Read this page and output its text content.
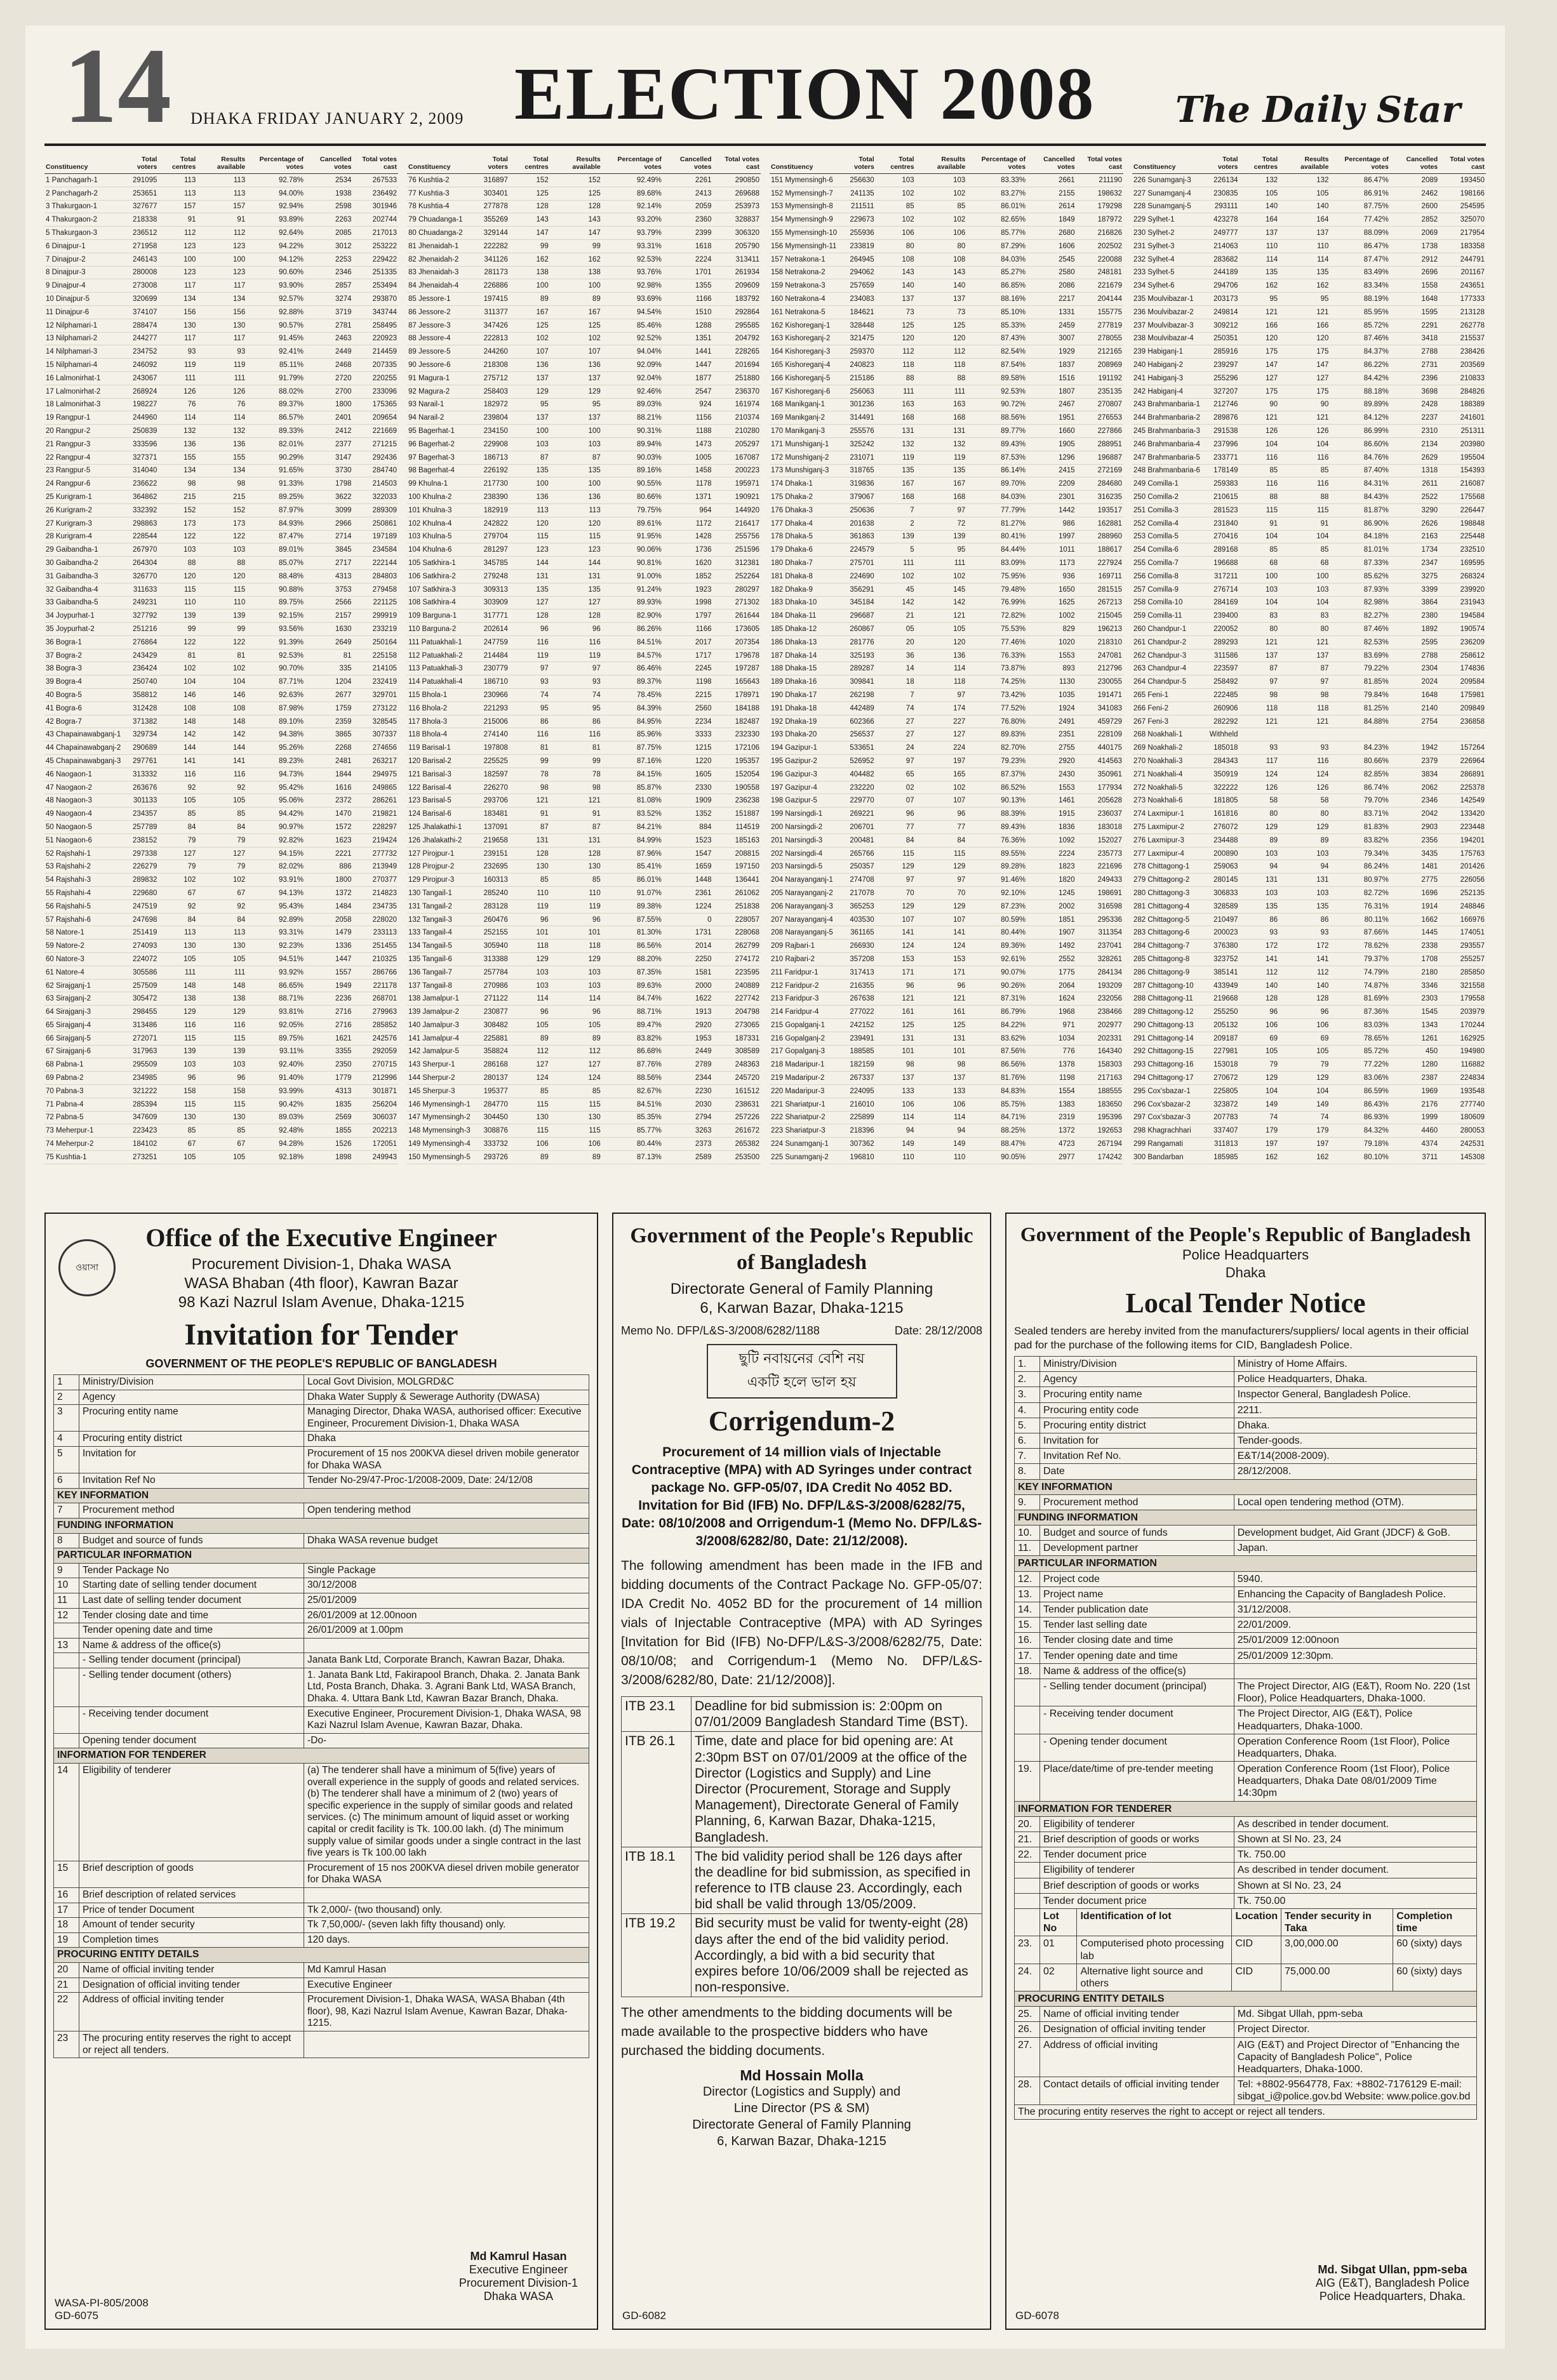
14 DHAKA FRIDAY JANUARY 2, 2009 ELECTION 2008 The Daily Star
Constituency	Total voters	Total centres	Results available	Percentage of votes	Cancelled votes	Total votes cast
1 Panchagarh-1	291095	113	113	92.78%	2534	267533
2 Panchagarh-2	253651	113	113	94.00%	1938	236492
3 Thakurgaon-1	327677	157	157	92.94%	2598	301946
4 Thakurgaon-2	218338	91	91	93.89%	2263	202744
5 Thakurgaon-3	236512	112	112	92.64%	2085	217013
6 Dinajpur-1	271958	123	123	94.22%	3012	253222
7 Dinajpur-2	246143	100	100	94.12%	2253	229422
8 Dinajpur-3	280008	123	123	90.60%	2346	251335
9 Dinajpur-4	273008	117	117	93.90%	2857	253494
10 Dinajpur-5	320699	134	134	92.57%	3274	293870
11 Dinajpur-6	374107	156	156	92.88%	3719	343744
12 Nilphamari-1	288474	130	130	90.57%	2781	258495
13 Nilphamari-2	244277	117	117	91.45%	2463	220923
14 Nilphamari-3	234752	93	93	92.41%	2449	214459
15 Nilphamari-4	246092	119	119	85.11%	2468	207335
16 Lalmonirhat-1	243067	111	111	91.79%	2720	220255
17 Lalmonirhat-2	268924	126	126	88.02%	2700	233096
18 Lalmonirhat-3	198227	76	76	89.37%	1800	175365
19 Rangpur-1	244960	114	114	86.57%	2401	209654
20 Rangpur-2	250839	132	132	89.33%	2412	221669
21 Rangpur-3	333596	136	136	82.01%	2377	271215
22 Rangpur-4	327371	155	155	90.29%	3147	292436
23 Rangpur-5	314040	134	134	91.65%	3730	284740
24 Rangpur-6	236622	98	98	91.33%	1798	214503
25 Kurigram-1	364862	215	215	89.25%	3622	322033
26 Kurigram-2	332392	152	152	87.97%	3099	289309
27 Kurigram-3	298863	173	173	84.93%	2966	250861
28 Kurigram-4	228544	122	122	87.47%	2714	197189
29 Gaibandha-1	267970	103	103	89.01%	3845	234584
30 Gaibandha-2	264304	88	88	85.07%	2717	222144
31 Gaibandha-3	326770	120	120	88.48%	4313	284803
32 Gaibandha-4	311633	115	115	90.88%	3753	279458
33 Gaibandha-5	249231	110	110	89.75%	2566	221125
34 Joypurhat-1	327792	139	139	92.15%	2157	299919
35 Joypurhat-2	251216	99	99	93.56%	1630	233219
36 Bogra-1	276864	122	122	91.39%	2649	250164
37 Bogra-2	243429	81	81	92.53%	81	225158
38 Bogra-3	236424	102	102	90.70%	335	214105
39 Bogra-4	250740	104	104	87.71%	1204	232419
40 Bogra-5	358812	146	146	92.63%	2677	329701
41 Bogra-6	312428	108	108	87.98%	1759	273122
42 Bogra-7	371382	148	148	89.10%	2359	328545
43 Chapainawabganj-1	329734	142	142	94.38%	3865	307337
44 Chapainawabganj-2	290689	144	144	95.26%	2268	274656
45 Chapainawabganj-3	297761	141	141	89.23%	2481	263217
46 Naogaon-1	313332	116	116	94.73%	1844	294975
47 Naogaon-2	263676	92	92	95.42%	1616	249865
48 Naogaon-3	301133	105	105	95.06%	2372	286261
49 Naogaon-4	234357	85	85	94.42%	1470	219821
50 Naogaon-5	257789	84	84	90.97%	1572	228297
51 Naogaon-6	238152	79	79	92.82%	1623	219424
52 Rajshahi-1	297338	127	127	94.15%	2221	277732
53 Rajshahi-2	226279	79	79	82.02%	886	213949
54 Rajshahi-3	289832	102	102	93.91%	1800	270377
55 Rajshahi-4	229680	67	67	94.13%	1372	214823
56 Rajshahi-5	247519	92	92	95.43%	1484	234735
57 Rajshahi-6	247698	84	84	92.89%	2058	228020
58 Natore-1	251419	113	113	93.31%	1479	233113
59 Natore-2	274093	130	130	92.23%	1336	251455
60 Natore-3	224072	105	105	94.51%	1447	210325
61 Natore-4	305586	111	111	93.92%	1557	286766
62 Sirajganj-1	257509	148	148	86.65%	1949	221178
63 Sirajganj-2	305472	138	138	88.71%	2236	268701
64 Sirajganj-3	298455	129	129	93.81%	2716	279963
65 Sirajganj-4	313486	116	116	92.05%	2716	285852
66 Sirajganj-5	272071	115	115	89.75%	1621	242576
67 Sirajganj-6	317963	139	139	93.11%	3355	292059
68 Pabna-1	295509	103	103	92.40%	2350	270715
69 Pabna-2	234985	96	96	91.40%	1779	212996
70 Pabna-3	321222	158	158	93.99%	4313	301871
71 Pabna-4	285394	115	115	90.42%	1835	256204
72 Pabna-5	347609	130	130	89.03%	2569	306037
73 Meherpur-1	223423	85	85	92.48%	1855	202213
74 Meherpur-2	184102	67	67	94.28%	1526	172051
75 Kushtia-1	273251	105	105	92.18%	1898	249943
Constituency	Total voters	Total centres	Results available	Percentage of votes	Cancelled votes	Total votes cast
76 Kushtia-2	316897	152	152	92.49%	2261	290850
77 Kushtia-3	303401	125	125	89.68%	2413	269688
78 Kushtia-4	277878	128	128	92.14%	2059	253973
79 Chuadanga-1	355269	143	143	93.20%	2360	328837
80 Chuadanga-2	329144	147	147	93.79%	2399	306320
81 Jhenaidah-1	222282	99	99	93.31%	1618	205790
82 Jhenaidah-2	341126	162	162	92.53%	2224	313411
83 Jhenaidah-3	281173	138	138	93.76%	1701	261934
84 Jhenaidah-4	226886	100	100	92.98%	1355	209609
85 Jessore-1	197415	89	89	93.69%	1166	183792
86 Jessore-2	311377	167	167	94.54%	1510	292864
87 Jessore-3	347426	125	125	85.46%	1288	295585
88 Jessore-4	222813	102	102	92.52%	1351	204792
89 Jessore-5	244260	107	107	94.04%	1441	228265
90 Jessore-6	218308	136	136	92.09%	1447	201694
91 Magura-1	275712	137	137	92.04%	1877	251880
92 Magura-2	258403	129	129	92.46%	2547	236370
93 Narail-1	182972	95	95	89.03%	924	161974
94 Narail-2	239804	137	137	88.21%	1156	210374
95 Bagerhat-1	234150	100	100	90.31%	1188	210280
96 Bagerhat-2	229908	103	103	89.94%	1473	205297
97 Bagerhat-3	186713	87	87	90.03%	1005	167087
98 Bagerhat-4	226192	135	135	89.16%	1458	200223
99 Khulna-1	217730	100	100	90.55%	1178	195971
100 Khulna-2	238390	136	136	80.66%	1371	190921
101 Khulna-3	182919	113	113	79.75%	964	144920
102 Khulna-4	242822	120	120	89.61%	1172	216417
103 Khulna-5	279704	115	115	91.95%	1428	255756
104 Khulna-6	281297	123	123	90.06%	1736	251596
105 Satkhira-1	345785	144	144	90.81%	1620	312381
106 Satkhira-2	279248	131	131	91.00%	1852	252264
107 Satkhira-3	309313	135	135	91.24%	1923	280297
108 Satkhira-4	303909	127	127	89.93%	1998	271302
109 Barguna-1	317771	128	128	82.90%	1797	261644
110 Barguna-2	202614	96	96	86.26%	1166	173605
111 Patuakhali-1	247759	116	116	84.51%	2017	207354
112 Patuakhali-2	214484	119	119	84.57%	1717	179678
113 Patuakhali-3	230779	97	97	86.46%	2245	197287
114 Patuakhali-4	186710	93	93	89.37%	1198	165643
115 Bhola-1	230966	74	74	78.45%	2215	178971
116 Bhola-2	221293	95	95	84.39%	2560	184188
117 Bhola-3	215006	86	86	84.95%	2234	182487
118 Bhola-4	274140	116	116	85.96%	3333	232330
119 Barisal-1	197808	81	81	87.75%	1215	172106
120 Barisal-2	225525	99	99	87.16%	1220	195357
121 Barisal-3	182597	78	78	84.15%	1605	152054
122 Barisal-4	226270	98	98	85.87%	2330	190558
123 Barisal-5	293706	121	121	81.08%	1909	236238
124 Barisal-6	183481	91	91	83.52%	1352	151887
125 Jhalakathi-1	137091	87	87	84.21%	884	114519
126 Jhalakathi-2	219658	131	131	84.99%	1523	185163
127 Pirojpur-1	239151	128	128	87.96%	1547	208815
128 Pirojpur-2	232695	130	130	85.41%	1659	197150
129 Pirojpur-3	160313	85	85	86.01%	1448	136441
130 Tangail-1	285240	110	110	91.07%	2361	261062
131 Tangail-2	283128	119	119	89.38%	1224	251838
132 Tangail-3	260476	96	96	87.55%	0	228057
133 Tangail-4	252155	101	101	81.30%	1731	228068
134 Tangail-5	305940	118	118	86.56%	2014	262799
135 Tangail-6	313388	129	129	88.20%	2250	274172
136 Tangail-7	257784	103	103	87.35%	1581	223595
137 Tangail-8	270986	103	103	89.63%	2000	240889
138 Jamalpur-1	271122	114	114	84.74%	1622	227742
139 Jamalpur-2	230877	96	96	88.71%	1913	204798
140 Jamalpur-3	308482	105	105	89.47%	2920	273065
141 Jamalpur-4	225881	89	89	83.82%	1953	187331
142 Jamalpur-5	358824	112	112	86.68%	2449	308589
143 Sherpur-1	286168	127	127	87.76%	2789	248363
144 Sherpur-2	280137	124	124	88.56%	2344	245720
145 Sherpur-3	195377	85	85	82.67%	2230	161512
146 Mymensingh-1	284770	115	115	84.51%	2030	238631
147 Mymensingh-2	304450	130	130	85.35%	2794	257226
148 Mymensingh-3	308876	115	115	85.77%	3263	261672
149 Mymensingh-4	333732	106	106	80.44%	2373	265382
150 Mymensingh-5	293726	89	89	87.13%	2589	253500
Constituency	Total voters	Total centres	Results available	Percentage of votes	Cancelled votes	Total votes cast
151 Mymensingh-6	256630	103	103	83.33%	2661	211190
152 Mymensingh-7	241135	102	102	83.27%	2155	198632
153 Mymensingh-8	211511	85	85	86.01%	2614	179298
154 Mymensingh-9	229673	102	102	82.65%	1849	187972
155 Mymensingh-10	255936	106	106	85.77%	2680	216826
156 Mymensingh-11	233819	80	80	87.29%	1606	202502
157 Netrakona-1	264945	108	108	84.03%	2545	220088
158 Netrakona-2	294062	143	143	85.27%	2580	248181
159 Netrakona-3	257659	140	140	86.85%	2086	221679
160 Netrakona-4	234083	137	137	88.16%	2217	204144
161 Netrakona-5	184621	73	73	85.10%	1331	155775
162 Kishoreganj-1	328448	125	125	85.33%	2459	277819
163 Kishoreganj-2	321475	120	120	87.43%	3007	278055
164 Kishoreganj-3	259370	112	112	82.54%	1929	212165
165 Kishoreganj-4	240823	118	118	87.54%	1837	208969
166 Kishoreganj-5	215186	88	88	89.58%	1516	191192
167 Kishoreganj-6	256063	111	111	92.53%	1807	235135
168 Manikganj-1	301236	163	163	90.72%	2467	270807
169 Manikganj-2	314491	168	168	88.56%	1951	276553
170 Manikganj-3	255576	131	131	89.77%	1660	227866
171 Munshiganj-1	325242	132	132	89.43%	1905	288951
172 Munshiganj-2	231071	119	119	87.53%	1296	196887
173 Munshiganj-3	318765	135	135	86.14%	2415	272169
174 Dhaka-1	319836	167	167	89.70%	2209	284680
175 Dhaka-2	379067	168	168	84.03%	2301	316235
176 Dhaka-3	250636	7	97	77.79%	1442	193517
177 Dhaka-4	201638	2	72	81.27%	986	162881
178 Dhaka-5	361863	139	139	80.41%	1997	288960
179 Dhaka-6	224579	5	95	84.44%	1011	188617
180 Dhaka-7	275701	111	111	83.09%	1173	227924
181 Dhaka-8	224690	102	102	75.95%	936	169711
182 Dhaka-9	356291	45	145	79.48%	1650	281515
183 Dhaka-10	345184	142	142	76.99%	1625	267213
184 Dhaka-11	296687	21	121	72.82%	1002	215045
185 Dhaka-12	260867	05	105	75.53%	829	196213
186 Dhaka-13	281776	20	120	77.46%	1020	218310
187 Dhaka-14	325193	36	136	76.33%	1553	247081
188 Dhaka-15	289287	14	114	73.87%	893	212796
189 Dhaka-16	309841	18	118	74.25%	1130	230055
190 Dhaka-17	262198	7	97	73.42%	1035	191471
191 Dhaka-18	442489	74	174	77.52%	1924	341083
192 Dhaka-19	602366	27	227	76.80%	2491	459729
193 Dhaka-20	256537	27	127	89.83%	2351	228109
194 Gazipur-1	533651	24	224	82.70%	2755	440175
195 Gazipur-2	526952	97	197	79.23%	2920	414563
196 Gazipur-3	404482	65	165	87.37%	2430	350961
197 Gazipur-4	232220	02	102	86.52%	1553	177934
198 Gazipur-5	229770	07	107	90.13%	1461	205628
199 Narsingdi-1	269221	96	96	88.39%	1915	236037
200 Narsingdi-2	206701	77	77	89.43%	1836	183018
201 Narsingdi-3	200481	84	84	76.36%	1092	152027
202 Narsingdi-4	265766	115	115	89.55%	2224	235773
203 Narsingdi-5	250357	129	129	89.28%	1823	221696
204 Narayanganj-1	274708	97	97	91.46%	1820	249433
205 Narayanganj-2	217078	70	70	92.10%	1245	198691
206 Narayanganj-3	365253	129	129	87.23%	2002	316598
207 Narayanganj-4	403530	107	107	80.59%	1851	295336
208 Narayanganj-5	361165	141	141	80.44%	1907	311354
209 Rajbari-1	266930	124	124	89.36%	1492	237041
210 Rajbari-2	357208	153	153	92.61%	2552	328261
211 Faridpur-1	317413	171	171	90.07%	1775	284134
212 Faridpur-2	216355	96	96	90.26%	2064	193209
213 Faridpur-3	267638	121	121	87.31%	1624	232056
214 Faridpur-4	277022	161	161	86.79%	1968	238466
215 Gopalganj-1	242152	125	125	84.22%	971	202977
216 Gopalganj-2	239491	131	131	83.62%	1034	202331
217 Gopalganj-3	188585	101	101	87.56%	776	164340
218 Madaripur-1	182159	98	98	86.56%	1378	158303
219 Madaripur-2	267337	137	137	81.76%	1198	217163
220 Madaripur-3	224095	133	133	84.83%	1554	188555
221 Shariatpur-1	216010	106	106	85.75%	1383	183650
222 Shariatpur-2	225899	114	114	84.71%	2319	195396
223 Shariatpur-3	218396	94	94	88.25%	1372	192653
224 Sunamganj-1	307362	149	149	88.47%	4723	267194
225 Sunamganj-2	196810	110	110	90.05%	2977	174242
Constituency	Total voters	Total centres	Results available	Percentage of votes	Cancelled votes	Total votes cast
226 Sunamganj-3	226134	132	132	86.47%	2089	193450
227 Sunamganj-4	230835	105	105	86.91%	2462	198166
228 Sunamganj-5	293111	140	140	87.75%	2600	254595
229 Sylhet-1	423278	164	164	77.42%	2852	325070
230 Sylhet-2	249777	137	137	88.09%	2069	217954
231 Sylhet-3	214063	110	110	86.47%	1738	183358
232 Sylhet-4	283682	114	114	87.47%	2912	244791
233 Sylhet-5	244189	135	135	83.49%	2696	201167
234 Sylhet-6	294706	162	162	83.34%	1558	243651
235 Moulvibazar-1	203173	95	95	88.19%	1648	177333
236 Moulvibazar-2	249814	121	121	85.95%	1595	213128
237 Moulvibazar-3	309212	166	166	85.72%	2291	262778
238 Moulvibazar-4	250351	120	120	87.46%	3418	215537
239 Habiganj-1	285916	175	175	84.37%	2788	238426
240 Habiganj-2	239297	147	147	86.22%	2731	203569
241 Habiganj-3	255296	127	127	84.42%	2396	210833
242 Habiganj-4	327207	175	175	88.18%	3698	284826
243 Brahmanbaria-1	212746	90	90	89.89%	2428	188389
244 Brahmanbaria-2	289876	121	121	84.12%	2237	241601
245 Brahmanbaria-3	291538	126	126	86.99%	2310	251311
246 Brahmanbaria-4	237996	104	104	86.60%	2134	203980
247 Brahmanbaria-5	233771	116	116	84.76%	2629	195504
248 Brahmanbaria-6	178149	85	85	87.40%	1318	154393
249 Comilla-1	259383	116	116	84.31%	2611	216087
250 Comilla-2	210615	88	88	84.43%	2522	175568
251 Comilla-3	281523	115	115	81.87%	3290	226447
252 Comilla-4	231840	91	91	86.90%	2626	198848
253 Comilla-5	270416	104	104	84.18%	2163	225448
254 Comilla-6	289168	85	85	81.01%	1734	232510
255 Comilla-7	196688	68	68	87.33%	2347	169595
256 Comilla-8	317211	100	100	85.62%	3275	268324
257 Comilla-9	276714	103	103	87.93%	3399	239920
258 Comilla-10	284169	104	104	82.98%	3864	231943
259 Comilla-11	239400	83	83	82.27%	2380	194584
260 Chandpur-1	220052	80	80	87.46%	1892	190574
261 Chandpur-2	289293	121	121	82.53%	2595	236209
262 Chandpur-3	311586	137	137	83.69%	2788	258612
263 Chandpur-4	223597	87	87	79.22%	2304	174836
264 Chandpur-5	258492	97	97	81.85%	2024	209584
265 Feni-1	222485	98	98	79.84%	1648	175981
266 Feni-2	260906	118	118	81.25%	2140	209849
267 Feni-3	282292	121	121	84.88%	2754	236858
268 Noakhali-1	Withheld					
269 Noakhali-2	185018	93	93	84.23%	1942	157264
270 Noakhali-3	284343	117	116	80.66%	2379	226964
271 Noakhali-4	350919	124	124	82.85%	3834	286891
272 Noakhali-5	322222	126	126	86.74%	2062	225378
273 Noakhali-6	181805	58	58	79.70%	2346	142549
274 Laxmipur-1	161816	80	80	83.71%	2042	133420
275 Laxmipur-2	276072	129	129	81.83%	2903	223448
276 Laxmipur-3	234488	89	89	83.82%	2356	194201
277 Laxmipur-4	200890	103	103	79.34%	3435	175763
278 Chittagong-1	259063	94	94	86.24%	1481	201426
279 Chittagong-2	280145	131	131	80.97%	2775	226056
280 Chittagong-3	306833	103	103	82.72%	1696	252135
281 Chittagong-4	328589	135	135	76.31%	1914	248846
282 Chittagong-5	210497	86	86	80.11%	1662	166976
283 Chittagong-6	200023	93	93	87.66%	1445	174051
284 Chittagong-7	376380	172	172	78.62%	2338	293557
285 Chittagong-8	323752	141	141	79.37%	1708	255257
286 Chittagong-9	385141	112	112	74.79%	2180	285850
287 Chittagong-10	433949	140	140	74.87%	3346	321558
288 Chittagong-11	219668	128	128	81.69%	2303	179558
289 Chittagong-12	255250	96	96	87.36%	1545	203979
290 Chittagong-13	205132	106	106	83.03%	1343	170244
291 Chittagong-14	209187	69	69	78.65%	1261	162925
292 Chittagong-15	227981	105	105	85.72%	450	194980
293 Chittagong-16	153018	79	79	77.22%	1280	116882
294 Chittagong-17	270672	129	129	83.06%	2387	224834
295 Cox'sbazar-1	225805	104	104	86.59%	1969	193548
296 Cox'sbazar-2	323872	149	149	86.43%	2176	277740
297 Cox'sbazar-3	207783	74	74	86.93%	1999	180609
298 Khagrachhari	337407	179	179	84.32%	4460	280053
299 Rangamati	311813	197	197	79.18%	4374	242531
300 Bandarban	185985	162	162	80.10%	3711	145308
ওয়াসা
Office of the Executive Engineer
Procurement Division-1, Dhaka WASA
WASA Bhaban (4th floor), Kawran Bazar
98 Kazi Nazrul Islam Avenue, Dhaka-1215
Invitation for Tender
GOVERNMENT OF THE PEOPLE'S REPUBLIC OF BANGLADESH
1	Ministry/Division	Local Govt Division, MOLGRD&C
2	Agency	Dhaka Water Supply & Sewerage Authority (DWASA)
3	Procuring entity name	Managing Director, Dhaka WASA, authorised officer: Executive Engineer, Procurement Division-1, Dhaka WASA
4	Procuring entity district	Dhaka
5	Invitation for	Procurement of 15 nos 200KVA diesel driven mobile generator for Dhaka WASA
6	Invitation Ref No	Tender No-29/47-Proc-1/2008-2009, Date: 24/12/08
KEY INFORMATION		
7	Procurement method	Open tendering method
FUNDING INFORMATION		
8	Budget and source of funds	Dhaka WASA revenue budget
PARTICULAR INFORMATION		
9	Tender Package No	Single Package
10	Starting date of selling tender document	30/12/2008
11	Last date of selling tender document	25/01/2009
12	Tender closing date and time	26/01/2009 at 12.00noon
	Tender opening date and time	26/01/2009 at 1.00pm
13	Name & address of the office(s)	
	- Selling tender document (principal)	Janata Bank Ltd, Corporate Branch, Kawran Bazar, Dhaka.
	- Selling tender document (others)	1. Janata Bank Ltd, Fakirapool Branch, Dhaka. 2. Janata Bank Ltd, Posta Branch, Dhaka. 3. Agrani Bank Ltd, WASA Branch, Dhaka. 4. Uttara Bank Ltd, Kawran Bazar Branch, Dhaka.
	- Receiving tender document	Executive Engineer, Procurement Division-1, Dhaka WASA, 98 Kazi Nazrul Islam Avenue, Kawran Bazar, Dhaka.
	Opening tender document	-Do-
INFORMATION FOR TENDERER		
14	Eligibility of tenderer	(a) The tenderer shall have a minimum of 5(five) years of overall experience in the supply of goods and related services. (b) The tenderer shall have a minimum of 2 (two) years of specific experience in the supply of similar goods and related services. (c) The minimum amount of liquid asset or working capital or credit facility is Tk. 100.00 lakh. (d) The minimum supply value of similar goods under a single contract in the last five years is Tk 100.00 lakh
15	Brief description of goods	Procurement of 15 nos 200KVA diesel driven mobile generator for Dhaka WASA
16	Brief description of related services	
17	Price of tender Document	Tk 2,000/- (two thousand) only.
18	Amount of tender security	Tk 7,50,000/- (seven lakh fifty thousand) only.
19	Completion times	120 days.
PROCURING ENTITY DETAILS		
20	Name of official inviting tender	Md Kamrul Hasan
21	Designation of official inviting tender	Executive Engineer
22	Address of official inviting tender	Procurement Division-1, Dhaka WASA, WASA Bhaban (4th floor), 98, Kazi Nazrul Islam Avenue, Kawran Bazar, Dhaka-1215.
23	The procuring entity reserves the right to accept or reject all tenders.	
Md Kamrul Hasan
Executive Engineer
Procurement Division-1
Dhaka WASA
WASA-PI-805/2008
GD-6075
Government of the People's Republic of Bangladesh
Directorate General of Family Planning
6, Karwan Bazar, Dhaka-1215
Memo No. DFP/L&S-3/2008/6282/1188	Date: 28/12/2008
ছুটি নবায়নের বেশি নয়
একটি হলে ভাল হয়
Corrigendum-2
Procurement of 14 million vials of Injectable Contraceptive (MPA) with AD Syringes under contract package No. GFP-05/07, IDA Credit No 4052 BD. Invitation for Bid (IFB) No. DFP/L&S-3/2008/6282/75, Date: 08/10/2008 and Orrigendum-1 (Memo No. DFP/L&S-3/2008/6282/80, Date: 21/12/2008).
The following amendment has been made in the IFB and bidding documents of the Contract Package No. GFP-05/07: IDA Credit No. 4052 BD for the procurement of 14 million vials of Injectable Contraceptive (MPA) with AD Syringes [Invitation for Bid (IFB) No-DFP/L&S-3/2008/6282/75, Date: 08/10/08; and Corrigendum-1 (Memo No. DFP/L&S-3/2008/6282/80, Date: 21/12/2008)].
ITB 23.1	Deadline for bid submission is: 2:00pm on 07/01/2009 Bangladesh Standard Time (BST).
ITB 26.1	Time, date and place for bid opening are: At 2:30pm BST on 07/01/2009 at the office of the Director (Logistics and Supply) and Line Director (Procurement, Storage and Supply Management), Directorate General of Family Planning, 6, Karwan Bazar, Dhaka-1215, Bangladesh.
ITB 18.1	The bid validity period shall be 126 days after the deadline for bid submission, as specified in reference to ITB clause 23. Accordingly, each bid shall be valid through 13/05/2009.
ITB 19.2	Bid security must be valid for twenty-eight (28) days after the end of the bid validity period. Accordingly, a bid with a bid security that expires before 10/06/2009 shall be rejected as non-responsive.
The other amendments to the bidding documents will be made available to the prospective bidders who have purchased the bidding documents.
Md Hossain Molla
Director (Logistics and Supply) and
Line Director (PS & SM)
Directorate General of Family Planning
6, Karwan Bazar, Dhaka-1215
GD-6082
Government of the People's Republic of Bangladesh
Police Headquarters
Dhaka
Local Tender Notice
Sealed tenders are hereby invited from the manufacturers/suppliers/ local agents in their official pad for the purchase of the following items for CID, Bangladesh Police.
1.	Ministry/Division	Ministry of Home Affairs.
2.	Agency	Police Headquarters, Dhaka.
3.	Procuring entity name	Inspector General, Bangladesh Police.
4.	Procuring entity code	2211.
5.	Procuring entity district	Dhaka.
6.	Invitation for	Tender-goods.
7.	Invitation Ref No.	E&T/14(2008-2009).
8.	Date	28/12/2008.
KEY INFORMATION		
9.	Procurement method	Local open tendering method (OTM).
FUNDING INFORMATION		
10.	Budget and source of funds	Development budget, Aid Grant (JDCF) & GoB.
11.	Development partner	Japan.
PARTICULAR INFORMATION		
12.	Project code	5940.
13.	Project name	Enhancing the Capacity of Bangladesh Police.
14.	Tender publication date	31/12/2008.
15.	Tender last selling date	22/01/2009.
16.	Tender closing date and time	25/01/2009 12:00noon
17.	Tender opening date and time	25/01/2009 12:30pm.
18.	Name & address of the office(s)	
	- Selling tender document (principal)	The Project Director, AIG (E&T), Room No. 220 (1st Floor), Police Headquarters, Dhaka-1000.
	- Receiving tender document	The Project Director, AIG (E&T), Police Headquarters, Dhaka-1000.
	- Opening tender document	Operation Conference Room (1st Floor), Police Headquarters, Dhaka.
19.	Place/date/time of pre-tender meeting	Operation Conference Room (1st Floor), Police Headquarters, Dhaka Date 08/01/2009 Time 14:30pm
INFORMATION FOR TENDERER		
20.	Eligibility of tenderer	As described in tender document.
21.	Brief description of goods or works	Shown at Sl No. 23, 24
22.	Tender document price	Tk. 750.00
	Eligibility of tenderer	As described in tender document.
	Brief description of goods or works	Shown at Sl No. 23, 24
	Tender document price	Tk. 750.00
	Lot No	Identification of lot	Location	Tender security in Taka	Completion time
23.	01	Computerised photo processing lab	CID	3,00,000.00	60 (sixty) days
24.	02	Alternative light source and others	CID	75,000.00	60 (sixty) days
PROCURING ENTITY DETAILS		
25.	Name of official inviting tender	Md. Sibgat Ullah, ppm-seba
26.	Designation of official inviting tender	Project Director.
27.	Address of official inviting	AIG (E&T) and Project Director of "Enhancing the Capacity of Bangladesh Police", Police Headquarters, Dhaka-1000.
28.	Contact details of official inviting tender	Tel: +8802-9564778, Fax: +8802-7176129 E-mail: sibgat_i@police.gov.bd Website: www.police.gov.bd
The procuring entity reserves the right to accept or reject all tenders.
Md. Sibgat Ullan, ppm-seba
AIG (E&T), Bangladesh Police
Police Headquarters, Dhaka.
GD-6078
